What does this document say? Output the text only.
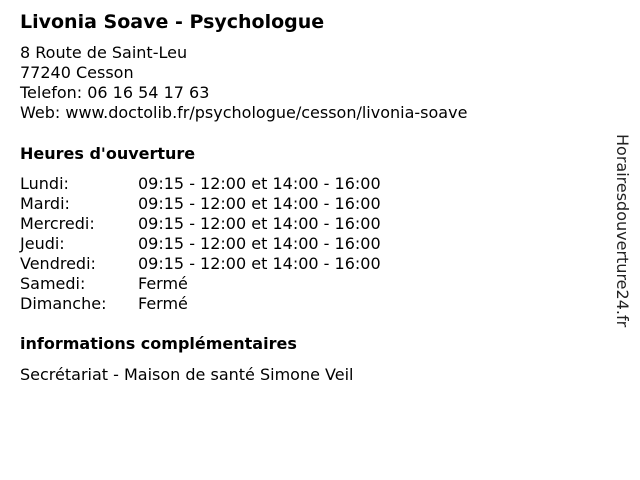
Livonia Soave - Psychologue
8 Route de Saint-Leu
77240 Cesson
Telefon: 06 16 54 17 63
Web: www.doctolib.fr/psychologue/cesson/livonia-soave
Heures d'ouverture
Lundi:	09:15 - 12:00 et 14:00 - 16:00
Mardi:	09:15 - 12:00 et 14:00 - 16:00
Mercredi:	09:15 - 12:00 et 14:00 - 16:00
Jeudi:	09:15 - 12:00 et 14:00 - 16:00
Vendredi:	09:15 - 12:00 et 14:00 - 16:00
Samedi:	Fermé
Dimanche:	Fermé
informations complémentaires
Secrétariat - Maison de santé Simone Veil
Horairesdouverture24.fr
